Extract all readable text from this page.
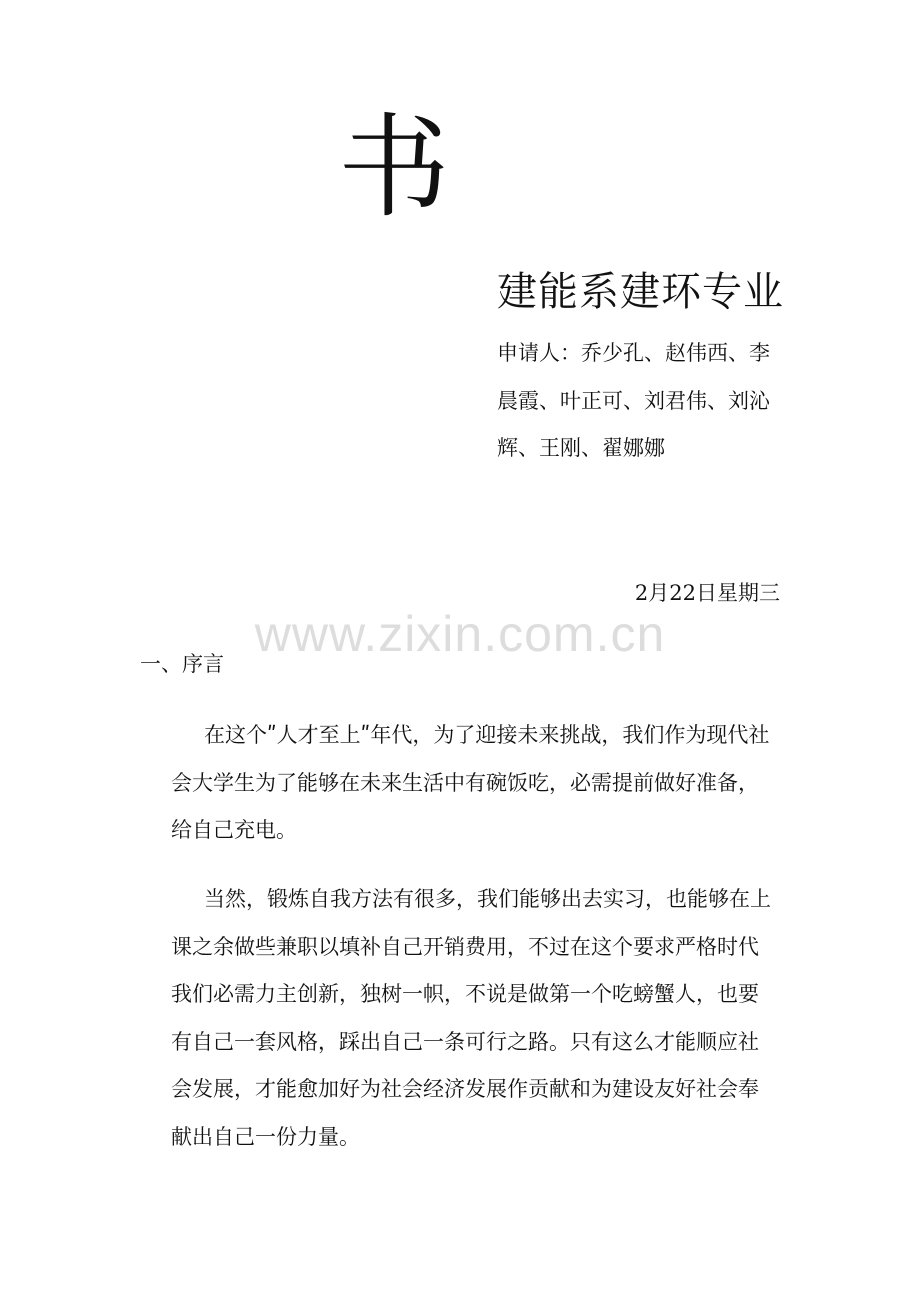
书
建能系建环专业
申请人：乔少孔、赵伟西、李
晨霞、叶正可、刘君伟、刘沁
辉、王刚、翟娜娜
2月22日星期三
www.zixin.com.cn
一、序言
在这个ʺ人才至上ʺ年代，为了迎接未来挑战，我们作为现代社
会大学生为了能够在未来生活中有碗饭吃，必需提前做好准备，
给自己充电。
当然，锻炼自我方法有很多，我们能够出去实习，也能够在上
课之余做些兼职以填补自己开销费用，不过在这个要求严格时代
我们必需力主创新，独树一帜，不说是做第一个吃螃蟹人，也要
有自己一套风格，踩出自己一条可行之路。只有这么才能顺应社
会发展，才能愈加好为社会经济发展作贡献和为建设友好社会奉
献出自己一份力量。
